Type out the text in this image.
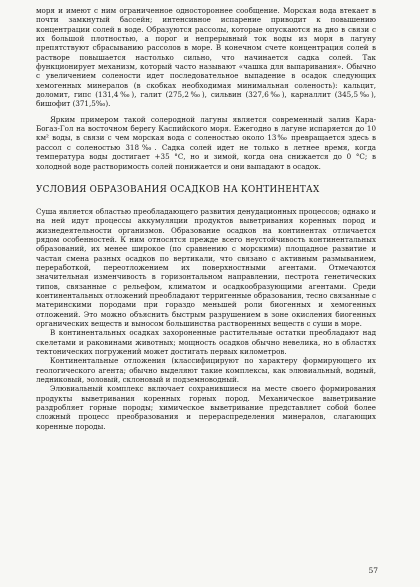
моря и имеют с ним ограниченное одностороннее сообщение. Морская вода втекает в почти замкнутый бассейн; интенсивное испарение приводит к повышению концентрации солей в воде. Образуются рассолы, которые опускаются на дно в связи с их большой плотностью, а порог и непрерывный ток воды из моря в лагуну препятствуют сбрасыванию рассолов в море. В конечном счете концентрация солей в растворе повышается настолько сильно, что начинается садка солей. Так функционирует механизм, который часто называют «чашка для выпаривания». Обычно с увеличением солености идет последовательное выпадение в осадок следующих хемогенных минералов (в скобках необходимая минимальная соленость): кальцит, доломит, гипс (131,4‰), галит (275,2‰), сильвин (327,6‰), карналлит (345,5‰), бишофит (371,5‰).

Ярким примером такой солеродной лагуны является современный залив Кара-Богаз-Гол на восточном берегу Каспийского моря. Ежегодно в лагуне испаряется до 10 км² воды, в связи с чем морская вода с соленостью около 13‰ превращается здесь в рассол с соленостью 318‰. Садка солей идет не только в летнее время, когда температура воды достигает +35 °С, но и зимой, когда она снижается до 0 °С; в холодной воде растворимость солей понижается и они выпадают в осадок.

УСЛОВИЯ ОБРАЗОВАНИЯ ОСАДКОВ НА КОНТИНЕНТАХ

Суша является областью преобладающего развития денудационных процессов; однако и на ней идут процессы аккумуляции продуктов выветривания коренных пород и жизнедеятельности организмов. Образование осадков на континентах отличается рядом особенностей. К ним относятся прежде всего неустойчивость континентальных образований, их менее широкое (по сравнению с морскими) площадное развитие и частая смена разных осадков по вертикали, что связано с активным размыванием, переработкой, переотложением их поверхностными агентами. Отмечаются значительная изменчивость в горизонтальном направлении, пестрота генетических типов, связанные с рельефом, климатом и осадкообразующими агентами. Среди континентальных отложений преобладают терригенные образования, тесно связанные с материнскими породами при гораздо меньшей роли биогенных и хемогенных отложений. Это можно объяснить быстрым разрушением в зоне окисления биогенных органических веществ и выносом большинства растворенных веществ с суши в море.

В континентальных осадках захороненные растительные остатки преобладают над скелетами и раковинами животных; мощность осадков обычно невелика, но в областях тектонических погружений может достигать первых километров.

Континентальные отложения (классифицируют по характеру формирующего их геологического агента; обычно выделяют такие комплексы, как элювиальный, водный, ледниковый, эоловый, склоновый и подземноводный.

Элювиальный комплекс включает сохранившиеся на месте своего формирования продукты выветривания коренных горных пород. Механическое выветривание раздробляет горные породы; химическое выветривание представляет собой более сложный процесс преобразования и перераспределения минералов, слагающих коренные породы.

57
